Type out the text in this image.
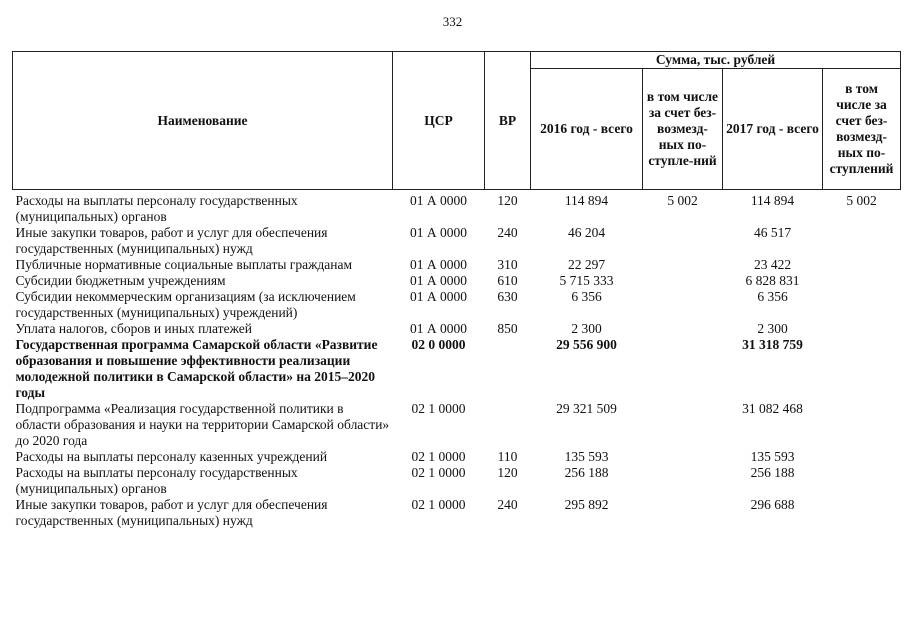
332
Наименование	ЦСР	ВР	Сумма, тыс. рублей			
			2016 год - всего	в том числе за счет без-возмезд-ных по-ступле-ний	2017 год - всего	в том числе за счет без-возмезд-ных по-ступлений
Расходы на выплаты персоналу государственных (муниципальных) органов	01 А 0000	120	114 894	5 002	114 894	5 002
Иные закупки товаров, работ и услуг для обеспечения государственных (муниципальных) нужд	01 А 0000	240	46 204		46 517	
Публичные нормативные социальные выплаты гражданам	01 А 0000	310	22 297		23 422	
Субсидии бюджетным учреждениям	01 А 0000	610	5 715 333		6 828 831	
Субсидии некоммерческим организациям (за исключением государственных (муниципальных) учреждений)	01 А 0000	630	6 356		6 356	
Уплата налогов, сборов и иных платежей	01 А 0000	850	2 300		2 300	
Государственная программа Самарской области «Развитие образования и повышение эффективности реализации молодежной политики в Самарской области» на 2015–2020 годы	02 0 0000		29 556 900		31 318 759	
Подпрограмма «Реализация государственной политики в области образования и науки на территории Самарской области» до 2020 года	02 1 0000		29 321 509		31 082 468	
Расходы на выплаты персоналу казенных учреждений	02 1 0000	110	135 593		135 593	
Расходы на выплаты персоналу государственных (муниципальных) органов	02 1 0000	120	256 188		256 188	
Иные закупки товаров, работ и услуг для обеспечения государственных (муниципальных) нужд	02 1 0000	240	295 892		296 688	
